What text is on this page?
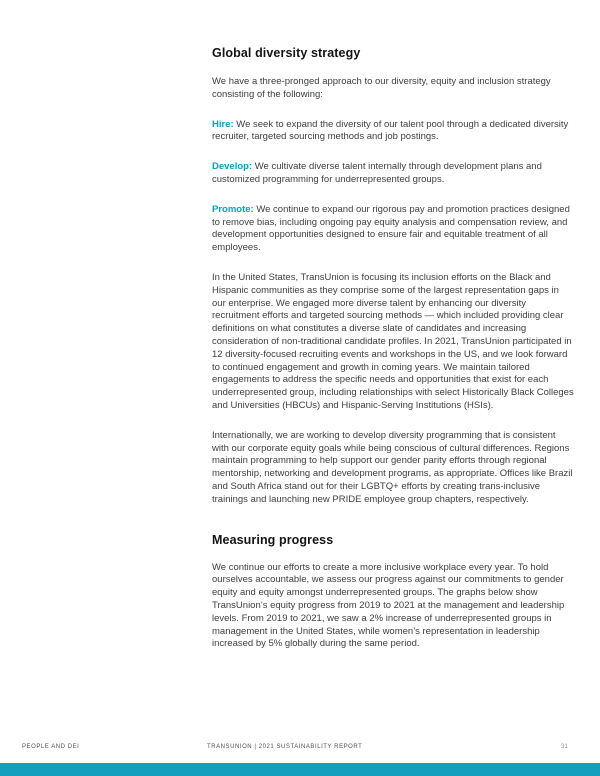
Global diversity strategy

We have a three-pronged approach to our diversity, equity and inclusion strategy consisting of the following:

Hire: We seek to expand the diversity of our talent pool through a dedicated diversity recruiter, targeted sourcing methods and job postings.

Develop: We cultivate diverse talent internally through development plans and customized programming for underrepresented groups.

Promote: We continue to expand our rigorous pay and promotion practices designed to remove bias, including ongoing pay equity analysis and compensation review, and development opportunities designed to ensure fair and equitable treatment of all employees.

In the United States, TransUnion is focusing its inclusion efforts on the Black and Hispanic communities as they comprise some of the largest representation gaps in our enterprise. We engaged more diverse talent by enhancing our diversity recruitment efforts and targeted sourcing methods — which included providing clear definitions on what constitutes a diverse slate of candidates and increasing consideration of non-traditional candidate profiles. In 2021, TransUnion participated in 12 diversity-focused recruiting events and workshops in the US, and we look forward to continued engagement and growth in coming years. We maintain tailored engagements to address the specific needs and opportunities that exist for each underrepresented group, including relationships with select Historically Black Colleges and Universities (HBCUs) and Hispanic-Serving Institutions (HSIs).

Internationally, we are working to develop diversity programming that is consistent with our corporate equity goals while being conscious of cultural differences. Regions maintain programming to help support our gender parity efforts through regional mentorship, networking and development programs, as appropriate. Offices like Brazil and South Africa stand out for their LGBTQ+ efforts by creating trans-inclusive trainings and launching new PRIDE employee group chapters, respectively.

Measuring progress

We continue our efforts to create a more inclusive workplace every year. To hold ourselves accountable, we assess our progress against our commitments to gender equity and equity amongst underrepresented groups. The graphs below show TransUnion’s equity progress from 2019 to 2021 at the management and leadership levels. From 2019 to 2021, we saw a 2% increase of underrepresented groups in management in the United States, while women’s representation in leadership increased by 5% globally during the same period.

PEOPLE AND DEI	TRANSUNION | 2021 SUSTAINABILITY REPORT	31
